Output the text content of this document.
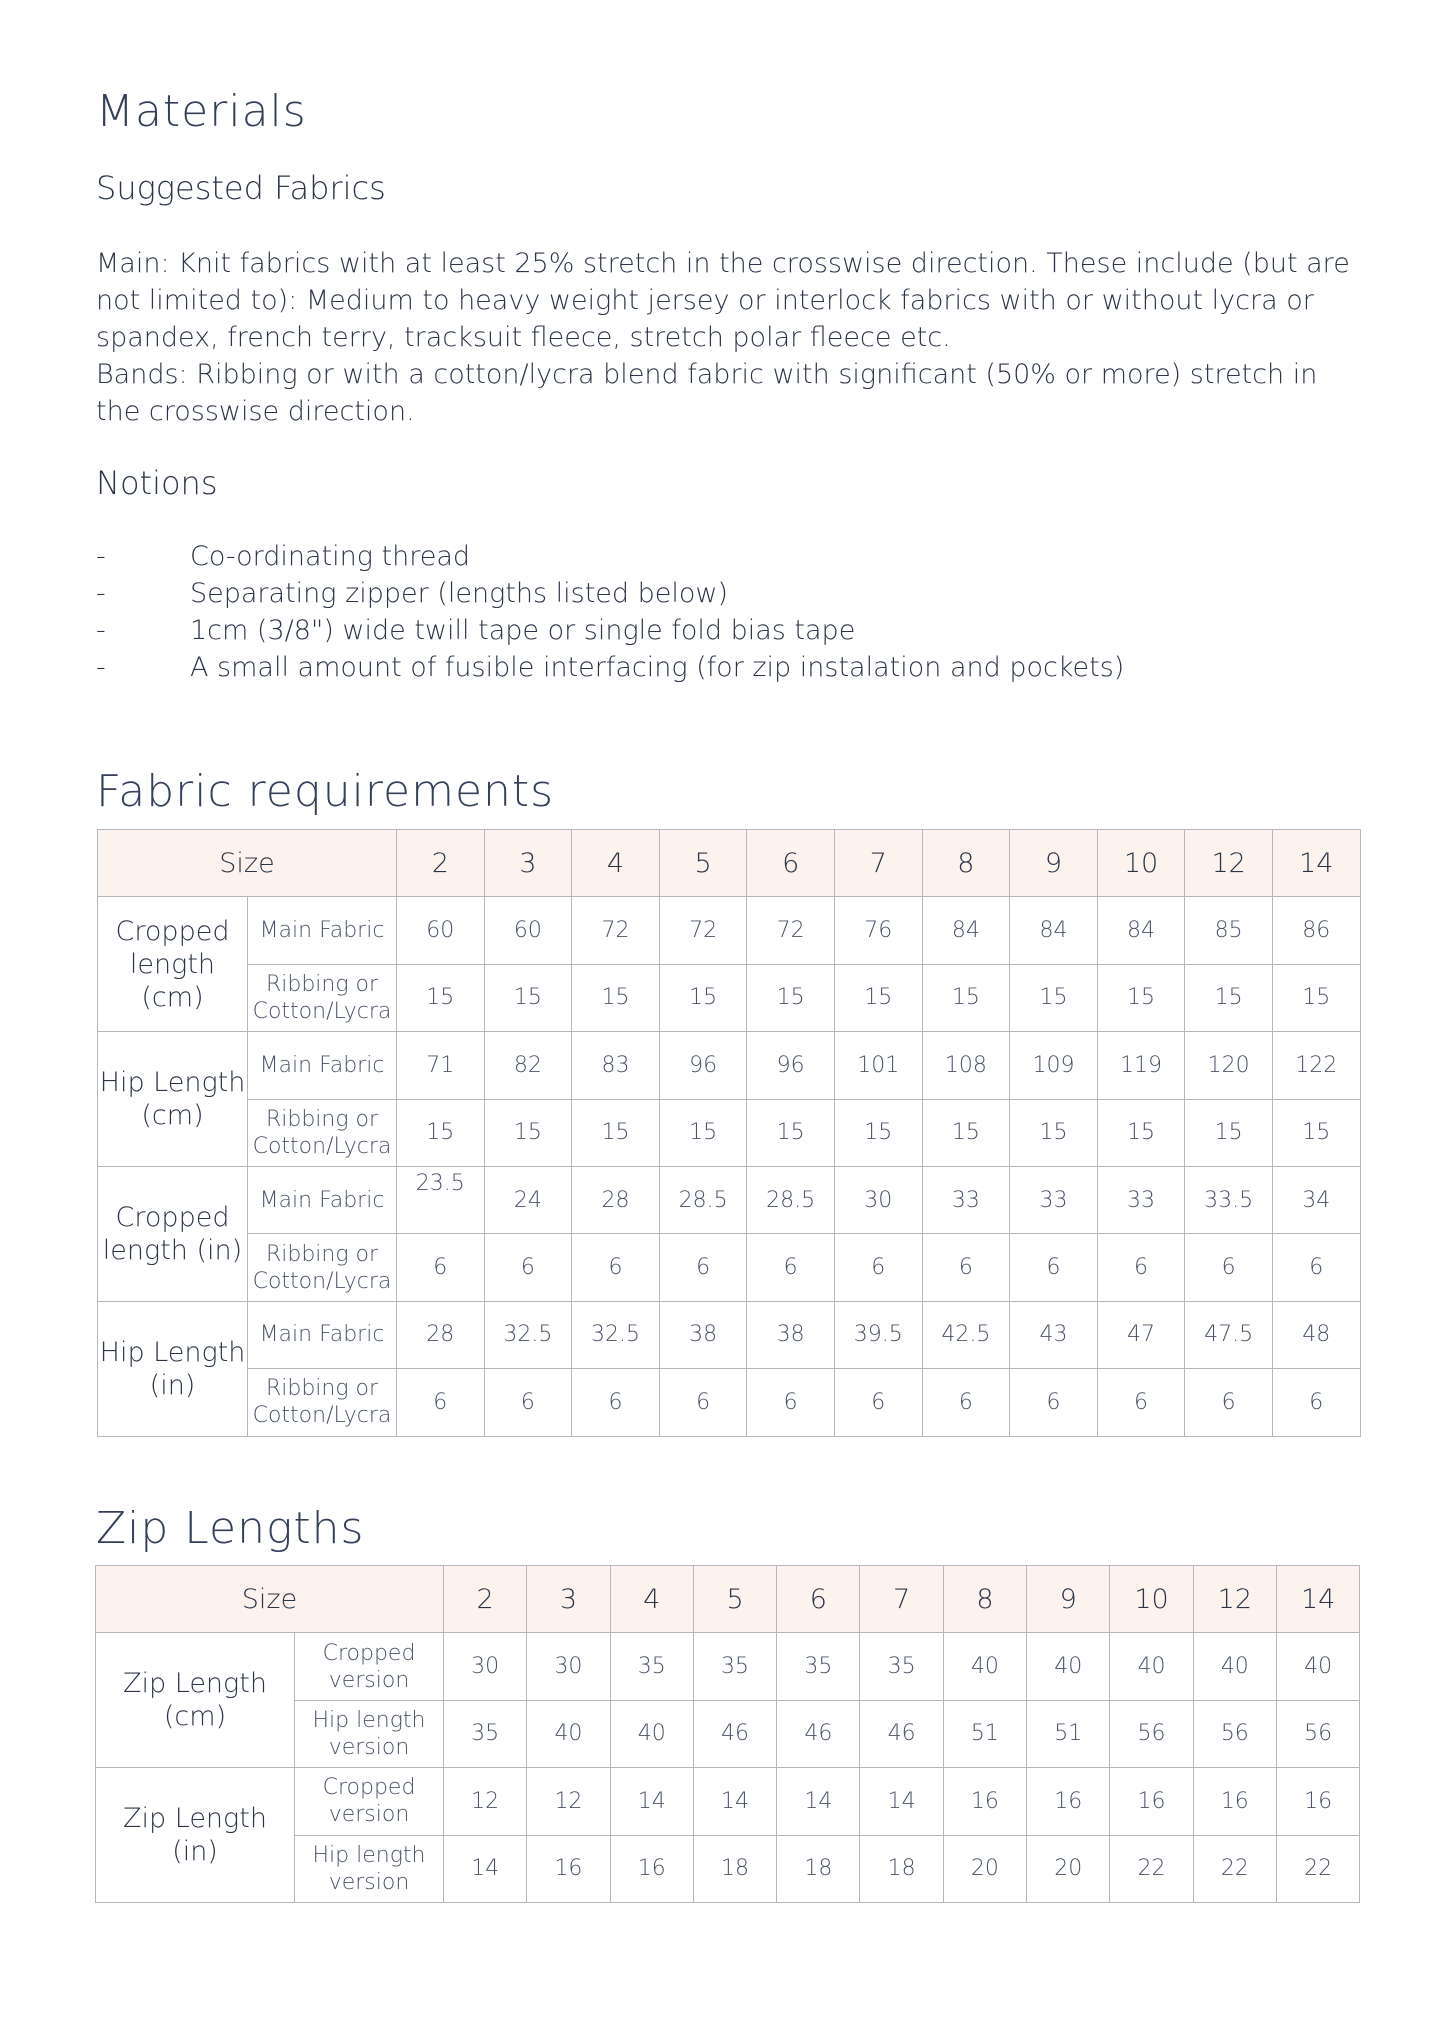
Materials
Suggested Fabrics

Main: Knit fabrics with at least 25% stretch in the crosswise direction. These include (but are not limited to): Medium to heavy weight jersey or interlock fabrics with or without lycra or spandex, french terry, tracksuit fleece, stretch polar fleece etc.

Bands: Ribbing or with a cotton/lycra blend fabric with significant (50% or more) stretch in the crosswise direction.

Notions
-	Co-ordinating thread
-	Separating zipper (lengths listed below)
-	1cm (3/8") wide twill tape or single fold bias tape
-	A small amount of fusible interfacing (for zip instalation and pockets)
Fabric requirements
Size		2	3	4	5	6	7	8	9	10	12	14
Cropped length (cm)	Main Fabric	60	60	72	72	72	76	84	84	84	85	86
	Ribbing or Cotton/Lycra	15	15	15	15	15	15	15	15	15	15	15
Hip Length (cm)	Main Fabric	71	82	83	96	96	101	108	109	119	120	122
	Ribbing or Cotton/Lycra	15	15	15	15	15	15	15	15	15	15	15
Cropped length (in)	Main Fabric	23.5	24	28	28.5	28.5	30	33	33	33	33.5	34
	Ribbing or Cotton/Lycra	6	6	6	6	6	6	6	6	6	6	6
Hip Length (in)	Main Fabric	28	32.5	32.5	38	38	39.5	42.5	43	47	47.5	48
	Ribbing or Cotton/Lycra	6	6	6	6	6	6	6	6	6	6	6
Zip Lengths
Size		2	3	4	5	6	7	8	9	10	12	14
Zip Length (cm)	Cropped version	30	30	35	35	35	35	40	40	40	40	40
	Hip length version	35	40	40	46	46	46	51	51	56	56	56
Zip Length (in)	Cropped version	12	12	14	14	14	14	16	16	16	16	16
	Hip length version	14	16	16	18	18	18	20	20	22	22	22
